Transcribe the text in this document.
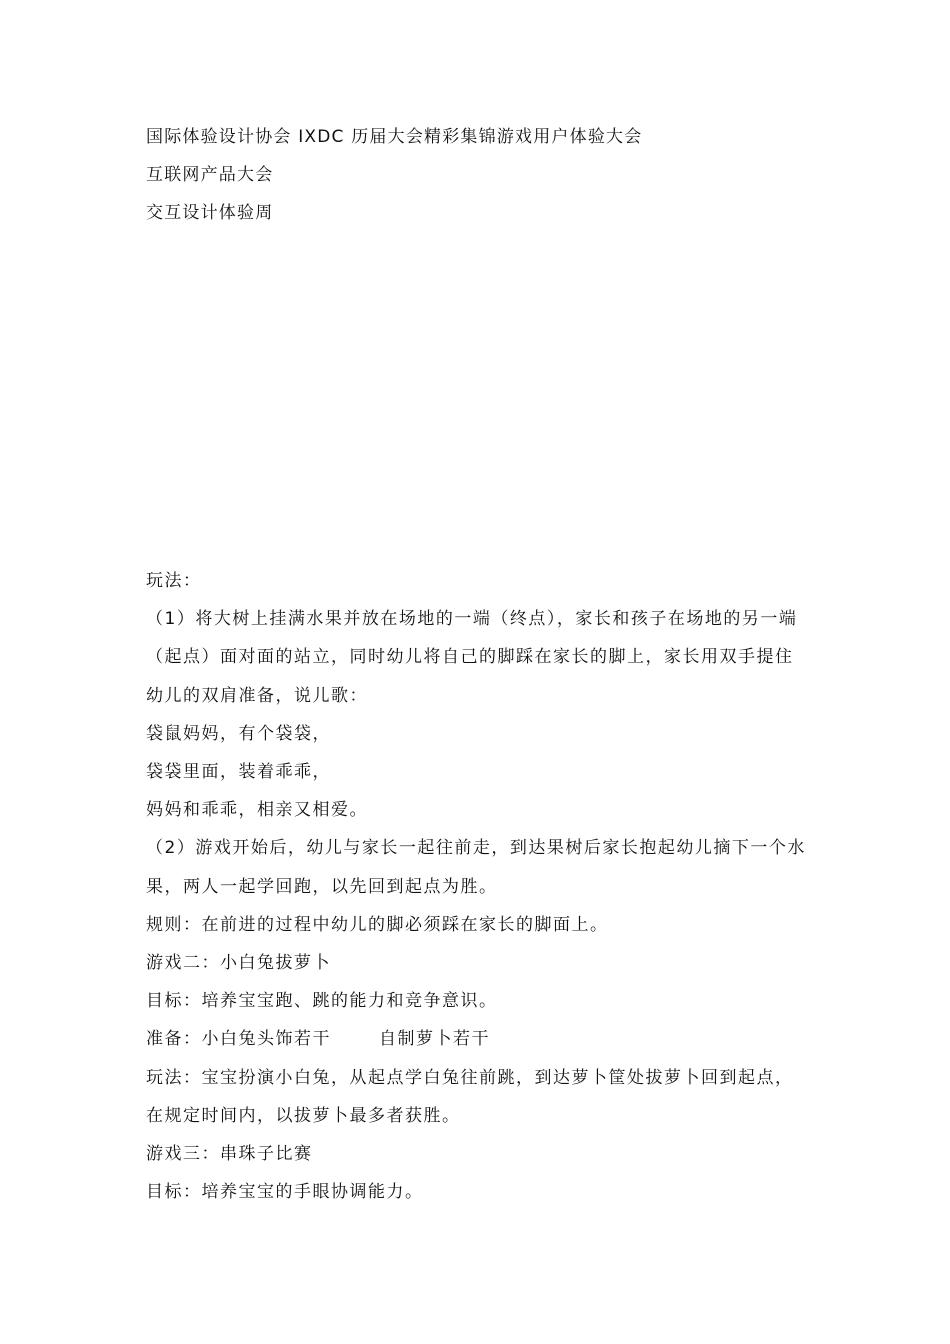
国际体验设计协会 IXDC 历届大会精彩集锦游戏用户体验大会
互联网产品大会
交互设计体验周

玩法：

（1）将大树上挂满水果并放在场地的一端（终点），家长和孩子在场地的另一端（起点）面对面的站立，同时幼儿将自己的脚踩在家长的脚上，家长用双手提住幼儿的双肩准备，说儿歌：

袋鼠妈妈，有个袋袋，

袋袋里面，装着乖乖，

妈妈和乖乖，相亲又相爱。

（2）游戏开始后，幼儿与家长一起往前走，到达果树后家长抱起幼儿摘下一个水果，两人一起学回跑，以先回到起点为胜。

规则：在前进的过程中幼儿的脚必须踩在家长的脚面上。

游戏二：小白兔拔萝卜

目标：培养宝宝跑、跳的能力和竞争意识。

准备：小白兔头饰若干	自制萝卜若干

玩法：宝宝扮演小白兔，从起点学白兔往前跳，到达萝卜筐处拔萝卜回到起点，在规定时间内，以拔萝卜最多者获胜。

游戏三：串珠子比赛

目标：培养宝宝的手眼协调能力。
